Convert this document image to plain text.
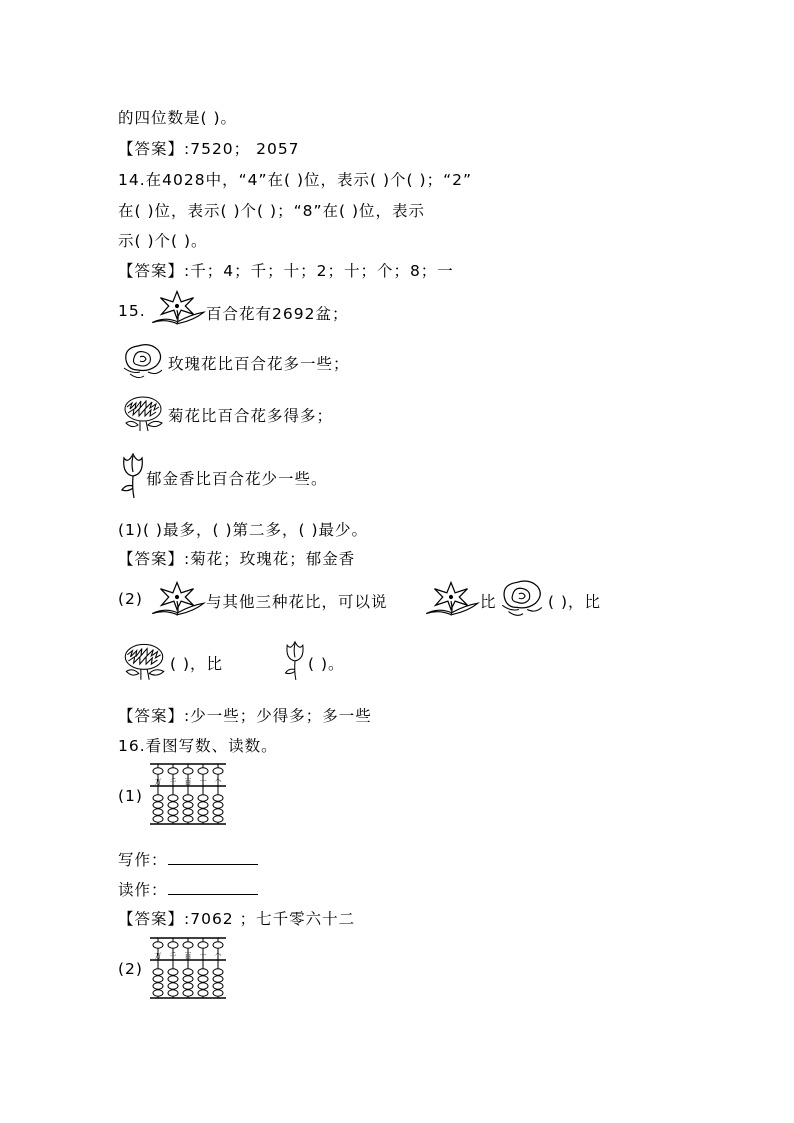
的四位数是( )。
【答案】:7520； 2057
14.在4028中，“4”在( )位，表示( )个( )；“2”
在( )位，表示( )个( )；“8”在( )位，表示
示( )个( )。
【答案】:千；4；千；十；2；十；个；8；一
15.	百合花有2692盆；
玫瑰花比百合花多一些；
菊花比百合花多得多；
郁金香比百合花少一些。
(1)( )最多，( )第二多，( )最少。
【答案】:菊花；玫瑰花；郁金香
(2)	与其他三种花比，可以说	比	( )，比
( )，比	( )。
【答案】:少一些；少得多；多一些
16.看图写数、读数。
(1)
万 千 百 十 个
写作：
读作：
【答案】:7062 ；七千零六十二
(2)
万 千 百 十 个
